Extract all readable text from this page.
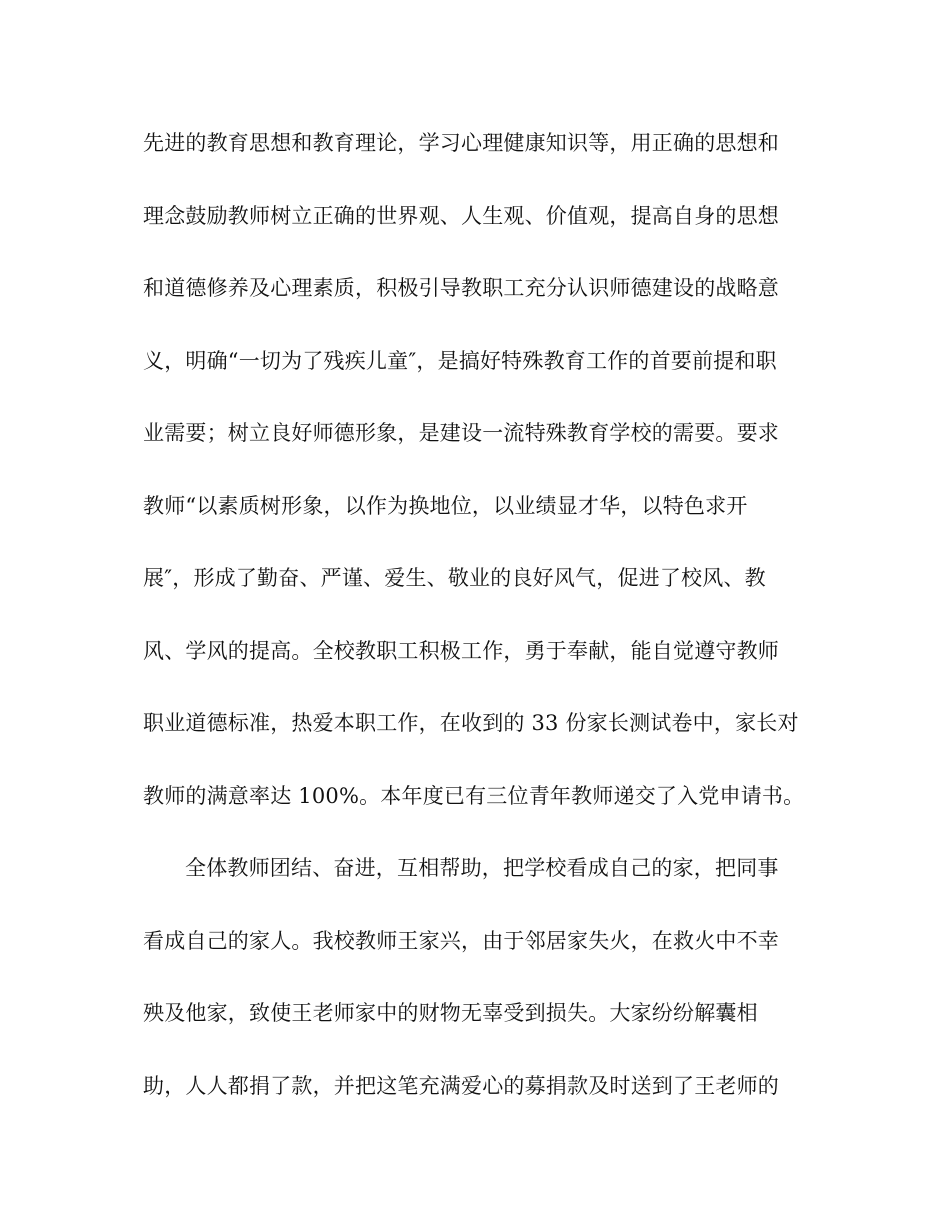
先进的教育思想和教育理论，学习心理健康知识等，用正确的思想和
理念鼓励教师树立正确的世界观、人生观、价值观，提高自身的思想
和道德修养及心理素质，积极引导教职工充分认识师德建设的战略意
义，明确“一切为了残疾儿童″，是搞好特殊教育工作的首要前提和职
业需要；树立良好师德形象，是建设一流特殊教育学校的需要。要求
教师“以素质树形象，以作为换地位，以业绩显才华，以特色求开
展″，形成了勤奋、严谨、爱生、敬业的良好风气，促进了校风、教
风、学风的提高。全校教职工积极工作，勇于奉献，能自觉遵守教师
职业道德标准，热爱本职工作，在收到的 33 份家长测试卷中，家长对
教师的满意率达 100%。本年度已有三位青年教师递交了入党申请书。
全体教师团结、奋进，互相帮助，把学校看成自己的家，把同事
看成自己的家人。我校教师王家兴，由于邻居家失火，在救火中不幸
殃及他家，致使王老师家中的财物无辜受到损失。大家纷纷解囊相
助，人人都捐了款，并把这笔充满爱心的募捐款及时送到了王老师的
